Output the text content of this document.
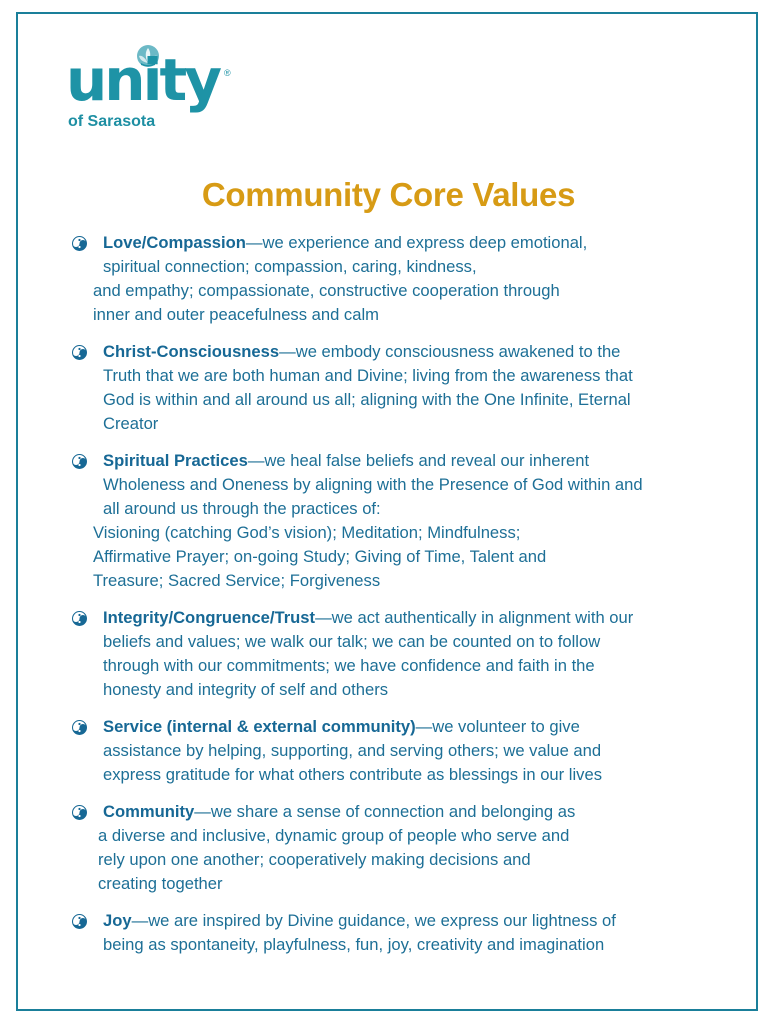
unity ®
of Sarasota
Community Core Values
Love/Compassion—we experience and express deep emotional,
spiritual connection; compassion, caring, kindness,
and empathy; compassionate, constructive cooperation through
inner and outer peacefulness and calm
Christ-Consciousness—we embody consciousness awakened to the
Truth that we are both human and Divine; living from the awareness that
God is within and all around us all; aligning with the One Infinite, Eternal
Creator
Spiritual Practices—we heal false beliefs and reveal our inherent
Wholeness and Oneness by aligning with the Presence of God within and
all around us through the practices of:
Visioning (catching God’s vision); Meditation; Mindfulness;
Affirmative Prayer; on-going Study; Giving of Time, Talent and
Treasure; Sacred Service; Forgiveness
Integrity/Congruence/Trust—we act authentically in alignment with our
beliefs and values; we walk our talk; we can be counted on to follow
through with our commitments; we have confidence and faith in the
honesty and integrity of self and others
Service (internal & external community)—we volunteer to give
assistance by helping, supporting, and serving others; we value and
express gratitude for what others contribute as blessings in our lives
Community—we share a sense of connection and belonging as
a diverse and inclusive, dynamic group of people who serve and
rely upon one another; cooperatively making decisions and
creating together
Joy—we are inspired by Divine guidance, we express our lightness of
being as spontaneity, playfulness, fun, joy, creativity and imagination
